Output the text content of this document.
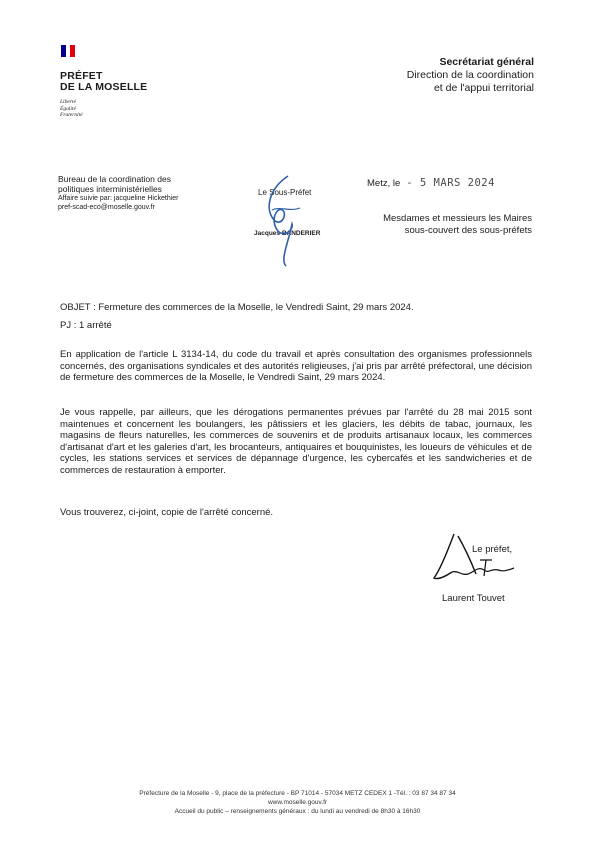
PRÉFET
DE LA MOSELLE
Liberté
Égalité
Fraternité
Secrétariat général
Direction de la coordination
et de l'appui territorial
Bureau de la coordination des
politiques interministérielles
Affaire suivie par: jacqueline Hickethier
pref-scad-eco@moselle.gouv.fr
Le Sous-Préfet
Jacques BANDERIER
Metz, le - 5 MARS 2024
Mesdames et messieurs les Maires
sous-couvert des sous-préfets
OBJET : Fermeture des commerces de la Moselle, le Vendredi Saint, 29 mars 2024.
PJ : 1 arrêté
En application de l'article L 3134-14, du code du travail et après consultation des organismes professionnels concernés, des organisations syndicales et des autorités religieuses, j'ai pris par arrêté préfectoral, une décision de fermeture des commerces de la Moselle, le Vendredi Saint, 29 mars 2024.
Je vous rappelle, par ailleurs, que les dérogations permanentes prévues par l'arrêté du 28 mai 2015 sont maintenues et concernent les boulangers, les pâtissiers et les glaciers, les débits de tabac, journaux, les magasins de fleurs naturelles, les commerces de souvenirs et de produits artisanaux locaux, les commerces d'artisanat d'art et les galeries d'art, les brocanteurs, antiquaires et bouquinistes, les loueurs de véhicules et de cycles, les stations services et services de dépannage d'urgence, les cybercafés et les sandwicheries et de commerces de restauration à emporter.
Vous trouverez, ci-joint, copie de l'arrêté concerné.
Le préfet,
Laurent Touvet
Préfecture de la Moselle - 9, place de la préfecture - BP 71014 - 57034 METZ CEDEX 1 -Tél. : 03 87 34 87 34
www.moselle.gouv.fr
Accueil du public – renseignements généraux : du lundi au vendredi de 8h30 à 16h30
